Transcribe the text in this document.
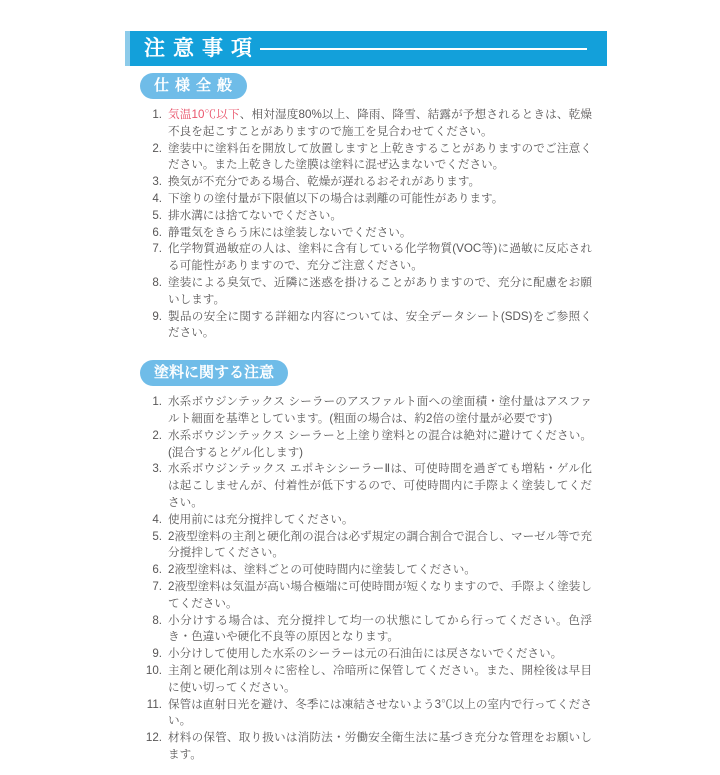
注意事項
仕様全般
1. 気温10℃以下、相対湿度80%以上、降雨、降雪、結露が予想されるときは、乾燥不良を起こすことがありますので施工を見合わせてください。
2. 塗装中に塗料缶を開放して放置しますと上乾きすることがありますのでご注意ください。また上乾きした塗膜は塗料に混ぜ込まないでください。
3. 換気が不充分である場合、乾燥が遅れるおそれがあります。
4. 下塗りの塗付量が下限値以下の場合は剥離の可能性があります。
5. 排水溝には捨てないでください。
6. 静電気をきらう床には塗装しないでください。
7. 化学物質過敏症の人は、塗料に含有している化学物質(VOC等)に過敏に反応される可能性がありますので、充分ご注意ください。
8. 塗装による臭気で、近隣に迷惑を掛けることがありますので、充分に配慮をお願いします。
9. 製品の安全に関する詳細な内容については、安全データシート(SDS)をご参照ください。
塗料に関する注意
1. 水系ボウジンテックス シーラーのアスファルト面への塗面積・塗付量はアスファルト細面を基準としています。(粗面の場合は、約2倍の塗付量が必要です)
2. 水系ボウジンテックス シーラーと上塗り塗料との混合は絶対に避けてください。(混合するとゲル化します)
3. 水系ボウジンテックス エポキシシーラーⅡは、可使時間を過ぎても増粘・ゲル化は起こしませんが、付着性が低下するので、可使時間内に手際よく塗装してください。
4. 使用前には充分撹拌してください。
5. 2液型塗料の主剤と硬化剤の混合は必ず規定の調合割合で混合し、マーゼル等で充分撹拌してください。
6. 2液型塗料は、塗料ごとの可使時間内に塗装してください。
7. 2液型塗料は気温が高い場合極端に可使時間が短くなりますので、手際よく塗装してください。
8. 小分けする場合は、充分撹拌して均一の状態にしてから行ってください。色浮き・色違いや硬化不良等の原因となります。
9. 小分けして使用した水系のシーラーは元の石油缶には戻さないでください。
10. 主剤と硬化剤は別々に密栓し、冷暗所に保管してください。また、開栓後は早目に使い切ってください。
11. 保管は直射日光を避け、冬季には凍結させないよう3℃以上の室内で行ってください。
12. 材料の保管、取り扱いは消防法・労働安全衛生法に基づき充分な管理をお願いします。
